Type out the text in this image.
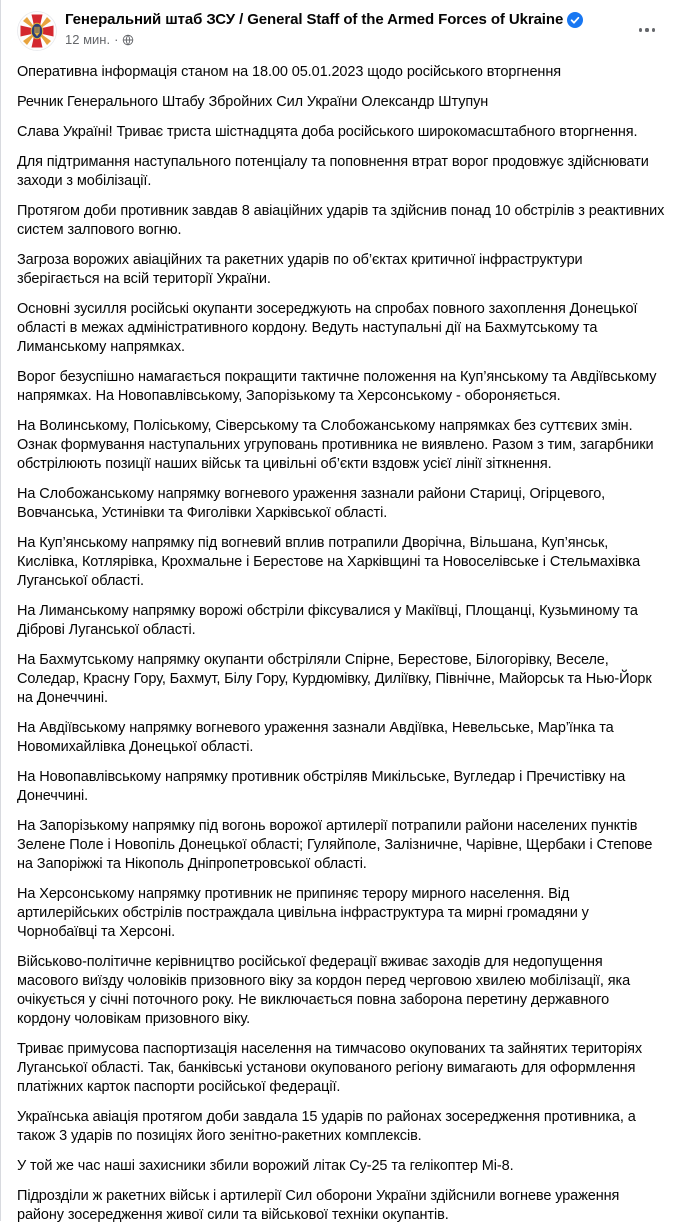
Генеральний штаб ЗСУ / General Staff of the Armed Forces of Ukraine
12 мин. ·

Оперативна інформація станом на 18.00 05.01.2023 щодо російського вторгнення

Речник Генерального Штабу Збройних Сил України Олександр Штупун

Слава Україні! Триває триста шістнадцята доба російського широкомасштабного вторгнення.

Для підтримання наступального потенціалу та поповнення втрат ворог продовжує здійснювати заходи з мобілізації.

Протягом доби противник завдав 8 авіаційних ударів та здійснив понад 10 обстрілів з реактивних систем залпового вогню.

Загроза ворожих авіаційних та ракетних ударів по об’єктах критичної інфраструктури зберігається на всій території України.

Основні зусилля російські окупанти зосереджують на спробах повного захоплення Донецької області в межах адміністративного кордону. Ведуть наступальні дії на Бахмутському та Лиманському напрямках.

Ворог безуспішно намагається покращити тактичне положення на Куп’янському та Авдіївському напрямках. На Новопавлівському, Запорізькому та Херсонському - обороняється.

На Волинському, Поліському, Сіверському та Слобожанському напрямках без суттєвих змін. Ознак формування наступальних угруповань противника не виявлено. Разом з тим, загарбники обстрілюють позиції наших військ та цивільні об’єкти вздовж усієї лінії зіткнення.

На Слобожанському напрямку вогневого ураження зазнали райони Стариці, Огірцевого, Вовчанська, Устинівки та Фиголівки Харківської області.

На Куп’янському напрямку під вогневий вплив потрапили Дворічна, Вільшана, Куп’янськ, Кислівка, Котлярівка, Крохмальне і Берестове на Харківщині та Новоселівське і Стельмахівка Луганської області.

На Лиманському напрямку ворожі обстріли фіксувалися у Макіївці, Площанці, Кузьминому та Діброві Луганської області.

На Бахмутському напрямку окупанти обстріляли Спірне, Берестове, Білогорівку, Веселе, Соледар, Красну Гору, Бахмут, Білу Гору, Курдюмівку, Диліївку, Північне, Майорськ та Нью-Йорк на Донеччині.

На Авдіївському напрямку вогневого ураження зазнали Авдіївка, Невельське, Мар’їнка та Новомихайлівка Донецької області.

На Новопавлівському напрямку противник обстріляв Микільське, Вугледар і Пречистівку на Донеччині.

На Запорізькому напрямку під вогонь ворожої артилерії потрапили райони населених пунктів Зелене Поле і Новопіль Донецької області; Гуляйполе, Залізничне, Чарівне, Щербаки і Степове на Запоріжжі та Нікополь Дніпропетровської області.

На Херсонському напрямку противник не припиняє терору мирного населення. Від артилерійських обстрілів постраждала цивільна інфраструктура та мирні громадяни у Чорнобаївці та Херсоні.

Військово-політичне керівництво російської федерації вживає заходів для недопущення масового виїзду чоловіків призовного віку за кордон перед черговою хвилею мобілізації, яка очікується у січні поточного року. Не виключається повна заборона перетину державного кордону чоловікам призовного віку.

Триває примусова паспортизація населення на тимчасово окупованих та зайнятих територіях Луганської області. Так, банківські установи окупованого регіону вимагають для оформлення платіжних карток паспорти російської федерації.

Українська авіація протягом доби завдала 15 ударів по районах зосередження противника, а також 3 ударів по позиціях його зенітно-ракетних комплексів.

У той же час наші захисники збили ворожий літак Су-25 та гелікоптер Мі-8.

Підрозділи ж ракетних військ і артилерії Сил оборони України здійснили вогневе ураження району зосередження живої сили та військової техніки окупантів.
